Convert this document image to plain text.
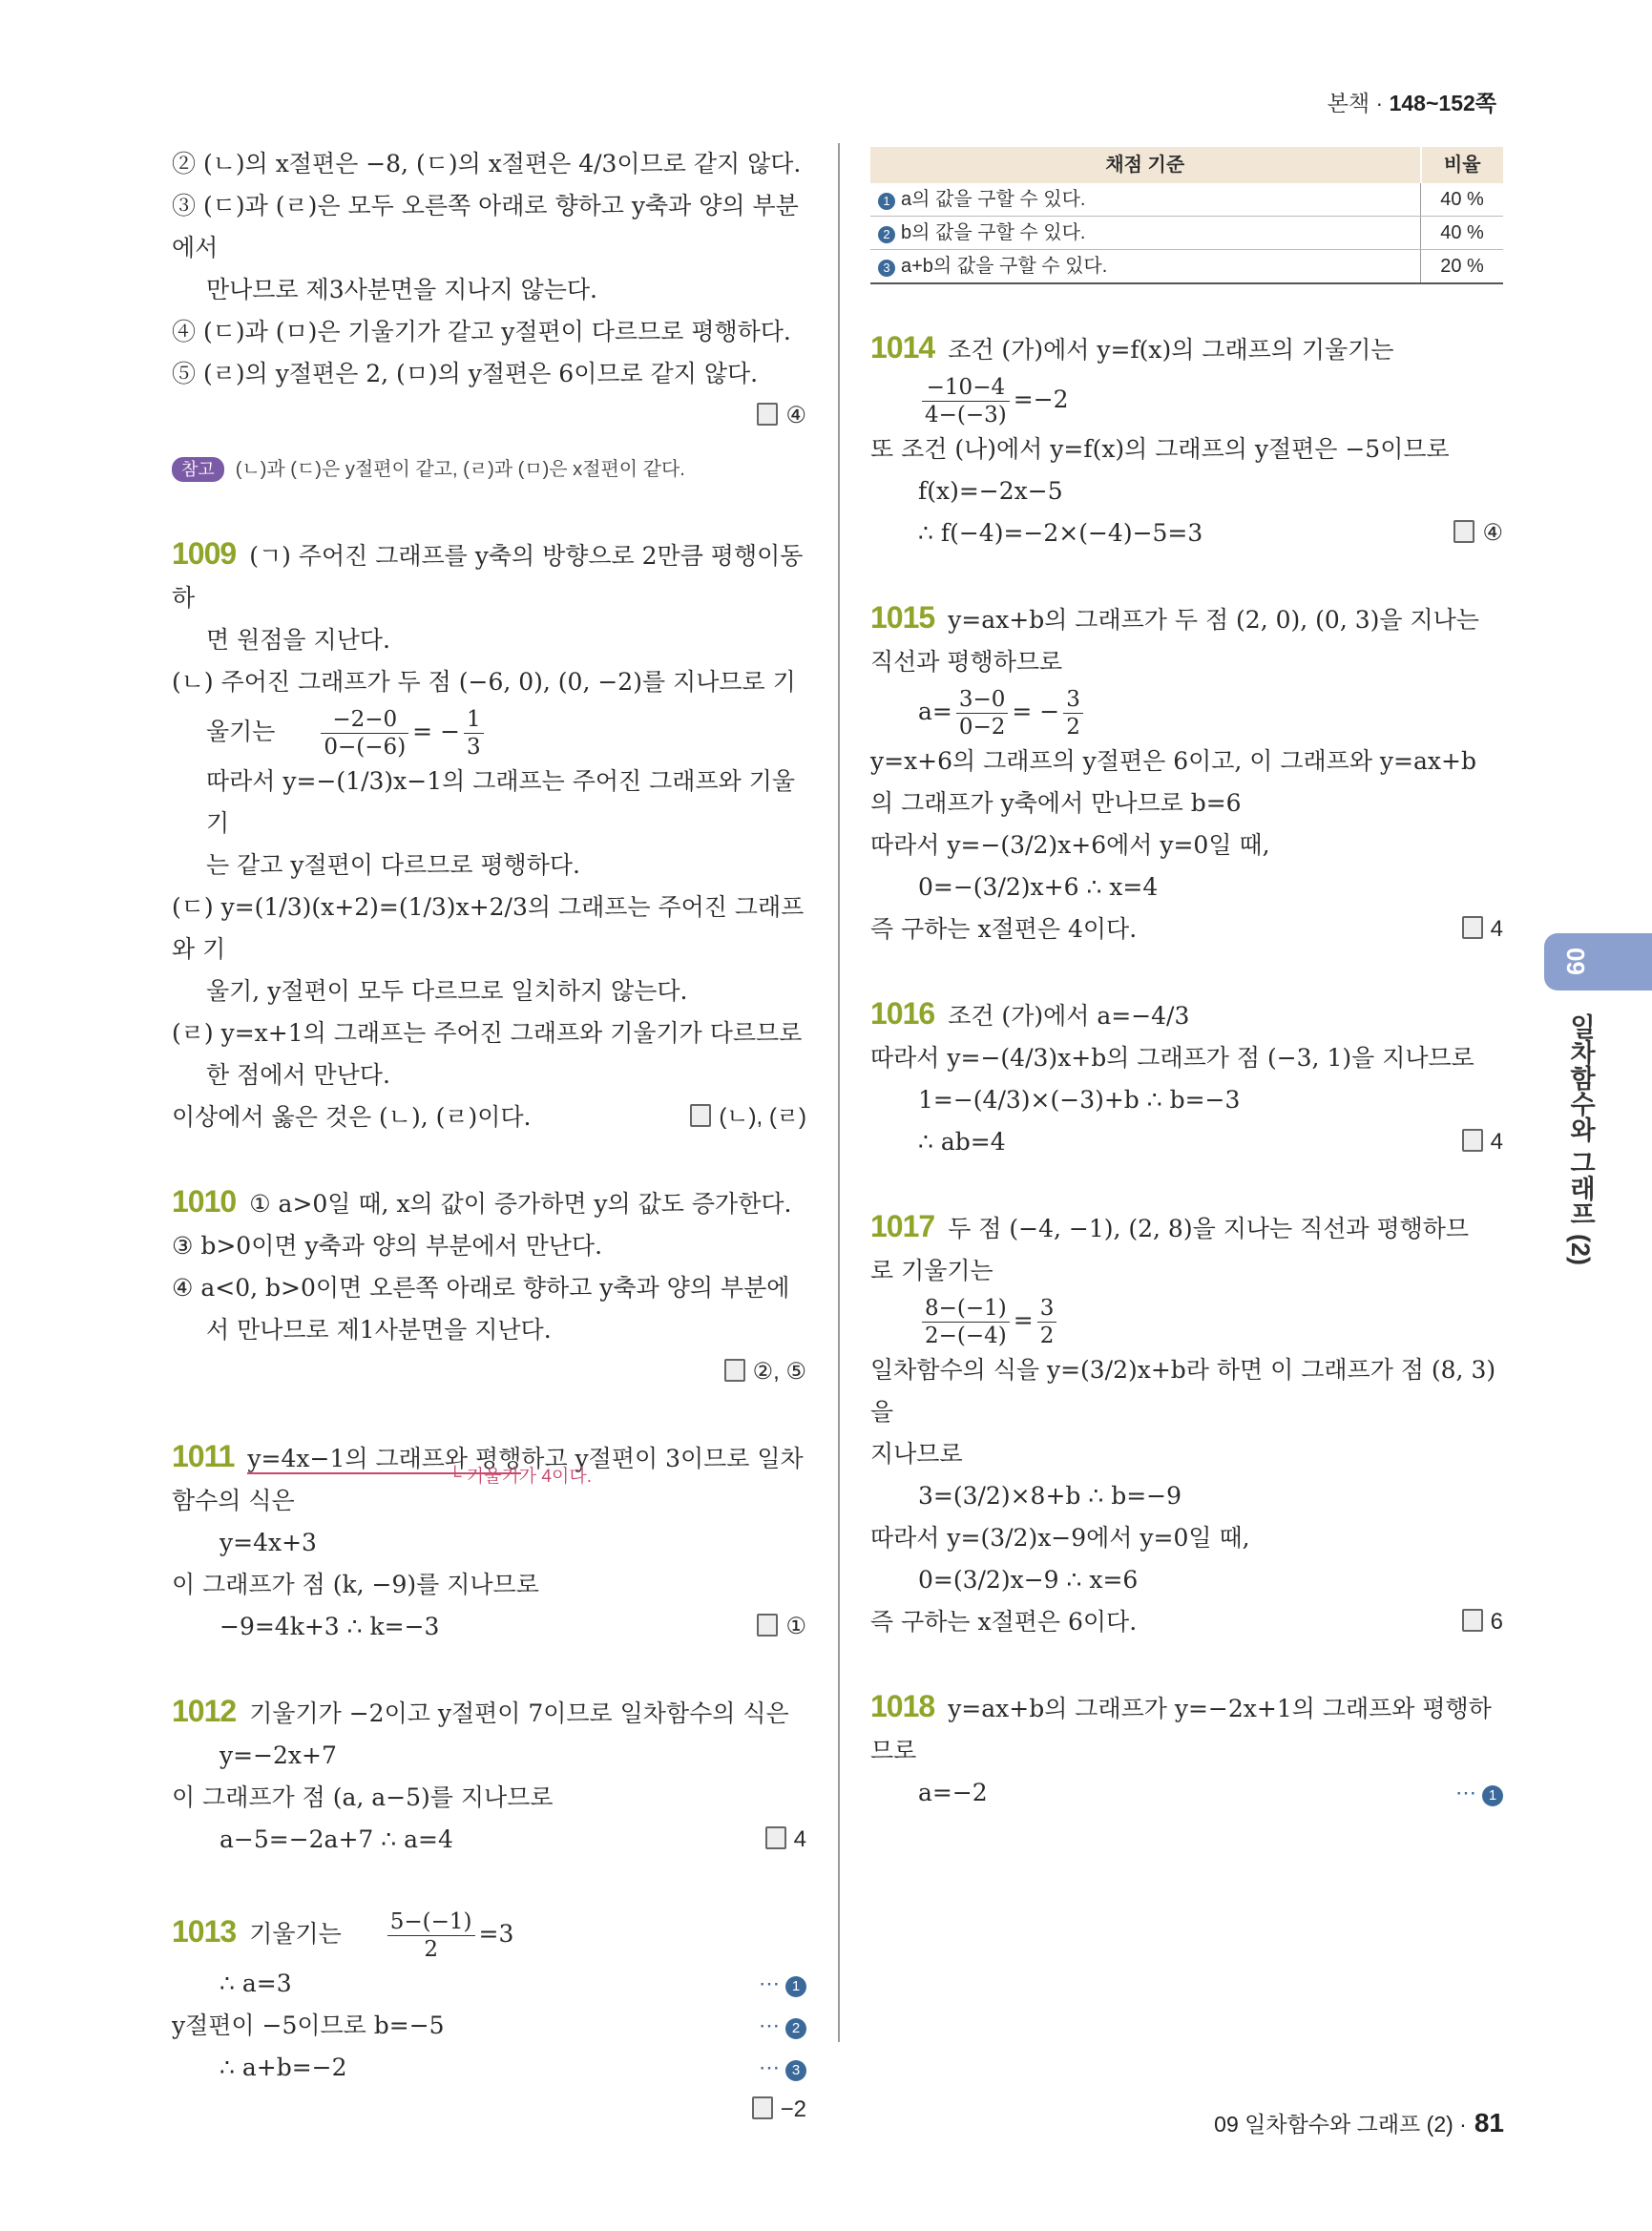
본책 · 148~152쪽
② (ㄴ)의 x절편은 −8, (ㄷ)의 x절편은 4/3이므로 같지 않다.
③ (ㄷ)과 (ㄹ)은 모두 오른쪽 아래로 향하고 y축과 양의 부분에서
만나므로 제3사분면을 지나지 않는다.
④ (ㄷ)과 (ㅁ)은 기울기가 같고 y절편이 다르므로 평행하다.
⑤ (ㄹ)의 y절편은 2, (ㅁ)의 y절편은 6이므로 같지 않다.
④
참고 (ㄴ)과 (ㄷ)은 y절편이 같고, (ㄹ)과 (ㅁ)은 x절편이 같다.
1009 (ㄱ) 주어진 그래프를 y축의 방향으로 2만큼 평행이동하
면 원점을 지난다.
(ㄴ) 주어진 그래프가 두 점 (−6, 0), (0, −2)를 지나므로 기
울기는 $\frac{-2-0}{0-(-6)}$ = − $\frac{1}{3}$
따라서 y=−(1/3)x−1의 그래프는 주어진 그래프와 기울기
는 같고 y절편이 다르므로 평행하다.
(ㄷ) y=(1/3)(x+2)=(1/3)x+2/3의 그래프는 주어진 그래프와 기
울기, y절편이 모두 다르므로 일치하지 않는다.
(ㄹ) y=x+1의 그래프는 주어진 그래프와 기울기가 다르므로
한 점에서 만난다.
이상에서 옳은 것은 (ㄴ), (ㄹ)이다.	(ㄴ), (ㄹ)
1010 ① a>0일 때, x의 값이 증가하면 y의 값도 증가한다.
③ b>0이면 y축과 양의 부분에서 만난다.
④ a<0, b>0이면 오른쪽 아래로 향하고 y축과 양의 부분에
서 만나므로 제1사분면을 지난다.
②, ⑤
1011 y=4x−1의 그래프와 평행하고 y절편이 3이므로 일차
함수의 식은
└ 기울기가 4이다.
y=4x+3
이 그래프가 점 (k, −9)를 지나므로
−9=4k+3 ∴ k=−3	①
1012 기울기가 −2이고 y절편이 7이므로 일차함수의 식은
y=−2x+7
이 그래프가 점 (a, a−5)를 지나므로
a−5=−2a+7 ∴ a=4	4
1013 기울기는 $\frac{5-(-1)}{2} =3$
∴ a=3	⋯ 1
y절편이 −5이므로 b=−5	⋯ 2
∴ a+b=−2	⋯ 3
−2
채점 기준	비율
1 a의 값을 구할 수 있다.	40 %
2 b의 값을 구할 수 있다.	40 %
3 a+b의 값을 구할 수 있다.	20 %
1014 조건 (가)에서 y=f(x)의 그래프의 기울기는
$\frac{-10-4}{4-(-3)} =-2$
또 조건 (나)에서 y=f(x)의 그래프의 y절편은 −5이므로
f(x)=−2x−5
∴ f(−4)=−2×(−4)−5=3	④
1015 y=ax+b의 그래프가 두 점 (2, 0), (0, 3)을 지나는
직선과 평행하므로
$a= \frac{3-0}{0-2}$ = − $\frac{3}{2}$
y=x+6의 그래프의 y절편은 6이고, 이 그래프와 y=ax+b
의 그래프가 y축에서 만나므로 b=6
따라서 y=−(3/2)x+6에서 y=0일 때,
0=−(3/2)x+6 ∴ x=4
즉 구하는 x절편은 4이다.	4
1016 조건 (가)에서 a=−4/3
따라서 y=−(4/3)x+b의 그래프가 점 (−3, 1)을 지나므로
1=−(4/3)×(−3)+b ∴ b=−3
∴ ab=4	4
1017 두 점 (−4, −1), (2, 8)을 지나는 직선과 평행하므
로 기울기는
$\frac{8-(-1)}{2-(-4)} = \frac{3}{2}$
일차함수의 식을 y=(3/2)x+b라 하면 이 그래프가 점 (8, 3)을
지나므로
3=(3/2)×8+b ∴ b=−9
따라서 y=(3/2)x−9에서 y=0일 때,
0=(3/2)x−9 ∴ x=6
즉 구하는 x절편은 6이다.	6
1018 y=ax+b의 그래프가 y=−2x+1의 그래프와 평행하
므로
a=−2	⋯ 1
09
일차함수와 그래프 (2)
09 일차함수와 그래프 (2) · 81
